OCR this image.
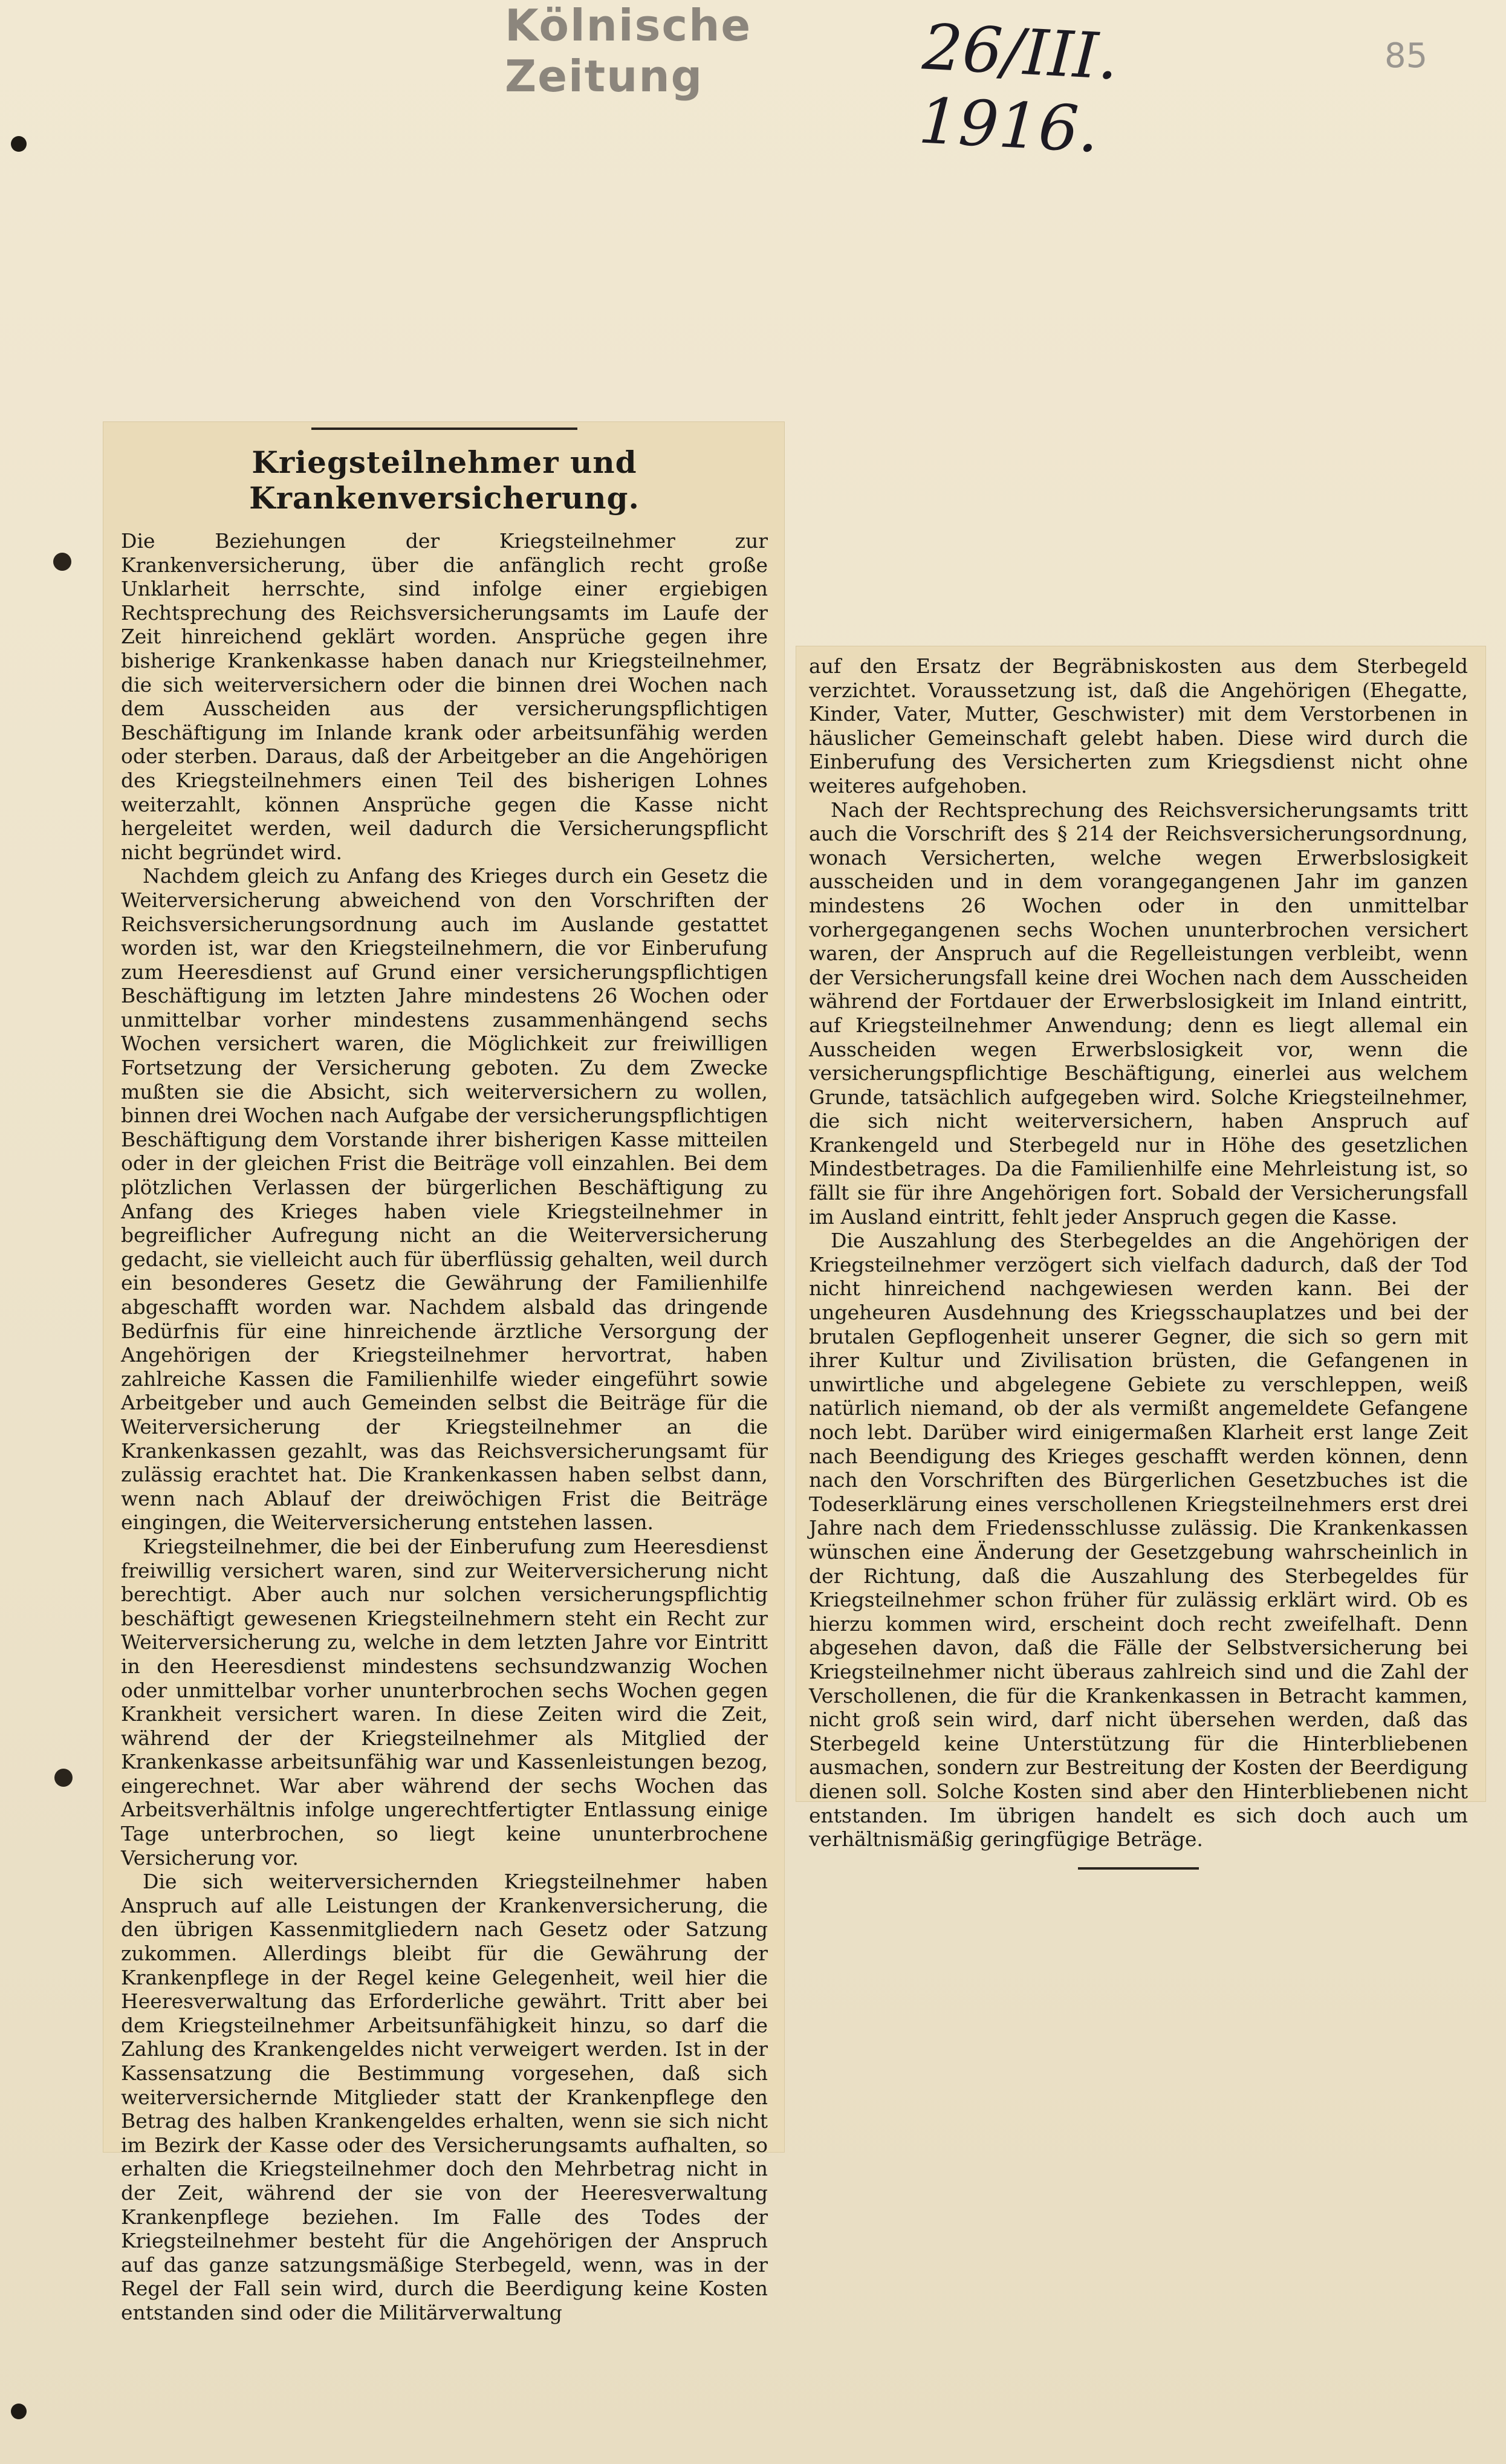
Kölnische Zeitung	26/III. 1916.
85
Kriegsteilnehmer und Krankenversicherung.

Die Beziehungen der Kriegsteilnehmer zur Krankenversicherung, über die anfänglich recht große Unklarheit herrschte, sind infolge einer ergiebigen Rechtsprechung des Reichsversicherungsamts im Laufe der Zeit hinreichend geklärt worden. Ansprüche gegen ihre bisherige Krankenkasse haben danach nur Kriegsteilnehmer, die sich weiterversichern oder die binnen drei Wochen nach dem Ausscheiden aus der versicherungspflichtigen Beschäftigung im Inlande krank oder arbeitsunfähig werden oder sterben. Daraus, daß der Arbeitgeber an die Angehörigen des Kriegsteilnehmers einen Teil des bisherigen Lohnes weiterzahlt, können Ansprüche gegen die Kasse nicht hergeleitet werden, weil dadurch die Versicherungspflicht nicht begründet wird.

Nachdem gleich zu Anfang des Krieges durch ein Gesetz die Weiterversicherung abweichend von den Vorschriften der Reichsversicherungsordnung auch im Auslande gestattet worden ist, war den Kriegsteilnehmern, die vor Einberufung zum Heeresdienst auf Grund einer versicherungspflichtigen Beschäftigung im letzten Jahre mindestens 26 Wochen oder unmittelbar vorher mindestens zusammenhängend sechs Wochen versichert waren, die Möglichkeit zur freiwilligen Fortsetzung der Versicherung geboten. Zu dem Zwecke mußten sie die Absicht, sich weiterversichern zu wollen, binnen drei Wochen nach Aufgabe der versicherungspflichtigen Beschäftigung dem Vorstande ihrer bisherigen Kasse mitteilen oder in der gleichen Frist die Beiträge voll einzahlen. Bei dem plötzlichen Verlassen der bürgerlichen Beschäftigung zu Anfang des Krieges haben viele Kriegsteilnehmer in begreiflicher Aufregung nicht an die Weiterversicherung gedacht, sie vielleicht auch für überflüssig gehalten, weil durch ein besonderes Gesetz die Gewährung der Familienhilfe abgeschafft worden war. Nachdem alsbald das dringende Bedürfnis für eine hinreichende ärztliche Versorgung der Angehörigen der Kriegsteilnehmer hervortrat, haben zahlreiche Kassen die Familienhilfe wieder eingeführt sowie Arbeitgeber und auch Gemeinden selbst die Beiträge für die Weiterversicherung der Kriegsteilnehmer an die Krankenkassen gezahlt, was das Reichsversicherungsamt für zulässig erachtet hat. Die Krankenkassen haben selbst dann, wenn nach Ablauf der dreiwöchigen Frist die Beiträge eingingen, die Weiterversicherung entstehen lassen.

Kriegsteilnehmer, die bei der Einberufung zum Heeresdienst freiwillig versichert waren, sind zur Weiterversicherung nicht berechtigt. Aber auch nur solchen versicherungspflichtig beschäftigt gewesenen Kriegsteilnehmern steht ein Recht zur Weiterversicherung zu, welche in dem letzten Jahre vor Eintritt in den Heeresdienst mindestens sechsundzwanzig Wochen oder unmittelbar vorher ununterbrochen sechs Wochen gegen Krankheit versichert waren. In diese Zeiten wird die Zeit, während der der Kriegsteilnehmer als Mitglied der Krankenkasse arbeitsunfähig war und Kassenleistungen bezog, eingerechnet. War aber während der sechs Wochen das Arbeitsverhältnis infolge ungerechtfertigter Entlassung einige Tage unterbrochen, so liegt keine ununterbrochene Versicherung vor.

Die sich weiterversichernden Kriegsteilnehmer haben Anspruch auf alle Leistungen der Krankenversicherung, die den übrigen Kassenmitgliedern nach Gesetz oder Satzung zukommen. Allerdings bleibt für die Gewährung der Krankenpflege in der Regel keine Gelegenheit, weil hier die Heeresverwaltung das Erforderliche gewährt. Tritt aber bei dem Kriegsteilnehmer Arbeitsunfähigkeit hinzu, so darf die Zahlung des Krankengeldes nicht verweigert werden. Ist in der Kassensatzung die Bestimmung vorgesehen, daß sich weiterversichernde Mitglieder statt der Krankenpflege den Betrag des halben Krankengeldes erhalten, wenn sie sich nicht im Bezirk der Kasse oder des Versicherungsamts aufhalten, so erhalten die Kriegsteilnehmer doch den Mehrbetrag nicht in der Zeit, während der sie von der Heeresverwaltung Krankenpflege beziehen. Im Falle des Todes der Kriegsteilnehmer besteht für die Angehörigen der Anspruch auf das ganze satzungsmäßige Sterbegeld, wenn, was in der Regel der Fall sein wird, durch die Beerdigung keine Kosten entstanden sind oder die Militärverwaltung

auf den Ersatz der Begräbniskosten aus dem Sterbegeld verzichtet. Voraussetzung ist, daß die Angehörigen (Ehegatte, Kinder, Vater, Mutter, Geschwister) mit dem Verstorbenen in häuslicher Gemeinschaft gelebt haben. Diese wird durch die Einberufung des Versicherten zum Kriegsdienst nicht ohne weiteres aufgehoben.

Nach der Rechtsprechung des Reichsversicherungsamts tritt auch die Vorschrift des § 214 der Reichsversicherungsordnung, wonach Versicherten, welche wegen Erwerbslosigkeit ausscheiden und in dem vorangegangenen Jahr im ganzen mindestens 26 Wochen oder in den unmittelbar vorhergegangenen sechs Wochen ununterbrochen versichert waren, der Anspruch auf die Regelleistungen verbleibt, wenn der Versicherungsfall keine drei Wochen nach dem Ausscheiden während der Fortdauer der Erwerbslosigkeit im Inland eintritt, auf Kriegsteilnehmer Anwendung; denn es liegt allemal ein Ausscheiden wegen Erwerbslosigkeit vor, wenn die versicherungspflichtige Beschäftigung, einerlei aus welchem Grunde, tatsächlich aufgegeben wird. Solche Kriegsteilnehmer, die sich nicht weiterversichern, haben Anspruch auf Krankengeld und Sterbegeld nur in Höhe des gesetzlichen Mindestbetrages. Da die Familienhilfe eine Mehrleistung ist, so fällt sie für ihre Angehörigen fort. Sobald der Versicherungsfall im Ausland eintritt, fehlt jeder Anspruch gegen die Kasse.

Die Auszahlung des Sterbegeldes an die Angehörigen der Kriegsteilnehmer verzögert sich vielfach dadurch, daß der Tod nicht hinreichend nachgewiesen werden kann. Bei der ungeheuren Ausdehnung des Kriegsschauplatzes und bei der brutalen Gepflogenheit unserer Gegner, die sich so gern mit ihrer Kultur und Zivilisation brüsten, die Gefangenen in unwirtliche und abgelegene Gebiete zu verschleppen, weiß natürlich niemand, ob der als vermißt angemeldete Gefangene noch lebt. Darüber wird einigermaßen Klarheit erst lange Zeit nach Beendigung des Krieges geschafft werden können, denn nach den Vorschriften des Bürgerlichen Gesetzbuches ist die Todeserklärung eines verschollenen Kriegsteilnehmers erst drei Jahre nach dem Friedensschlusse zulässig. Die Krankenkassen wünschen eine Änderung der Gesetzgebung wahrscheinlich in der Richtung, daß die Auszahlung des Sterbegeldes für Kriegsteilnehmer schon früher für zulässig erklärt wird. Ob es hierzu kommen wird, erscheint doch recht zweifelhaft. Denn abgesehen davon, daß die Fälle der Selbstversicherung bei Kriegsteilnehmer nicht überaus zahlreich sind und die Zahl der Verschollenen, die für die Krankenkassen in Betracht kammen, nicht groß sein wird, darf nicht übersehen werden, daß das Sterbegeld keine Unterstützung für die Hinterbliebenen ausmachen, sondern zur Bestreitung der Kosten der Beerdigung dienen soll. Solche Kosten sind aber den Hinterbliebenen nicht entstanden. Im übrigen handelt es sich doch auch um verhältnismäßig geringfügige Beträge.
